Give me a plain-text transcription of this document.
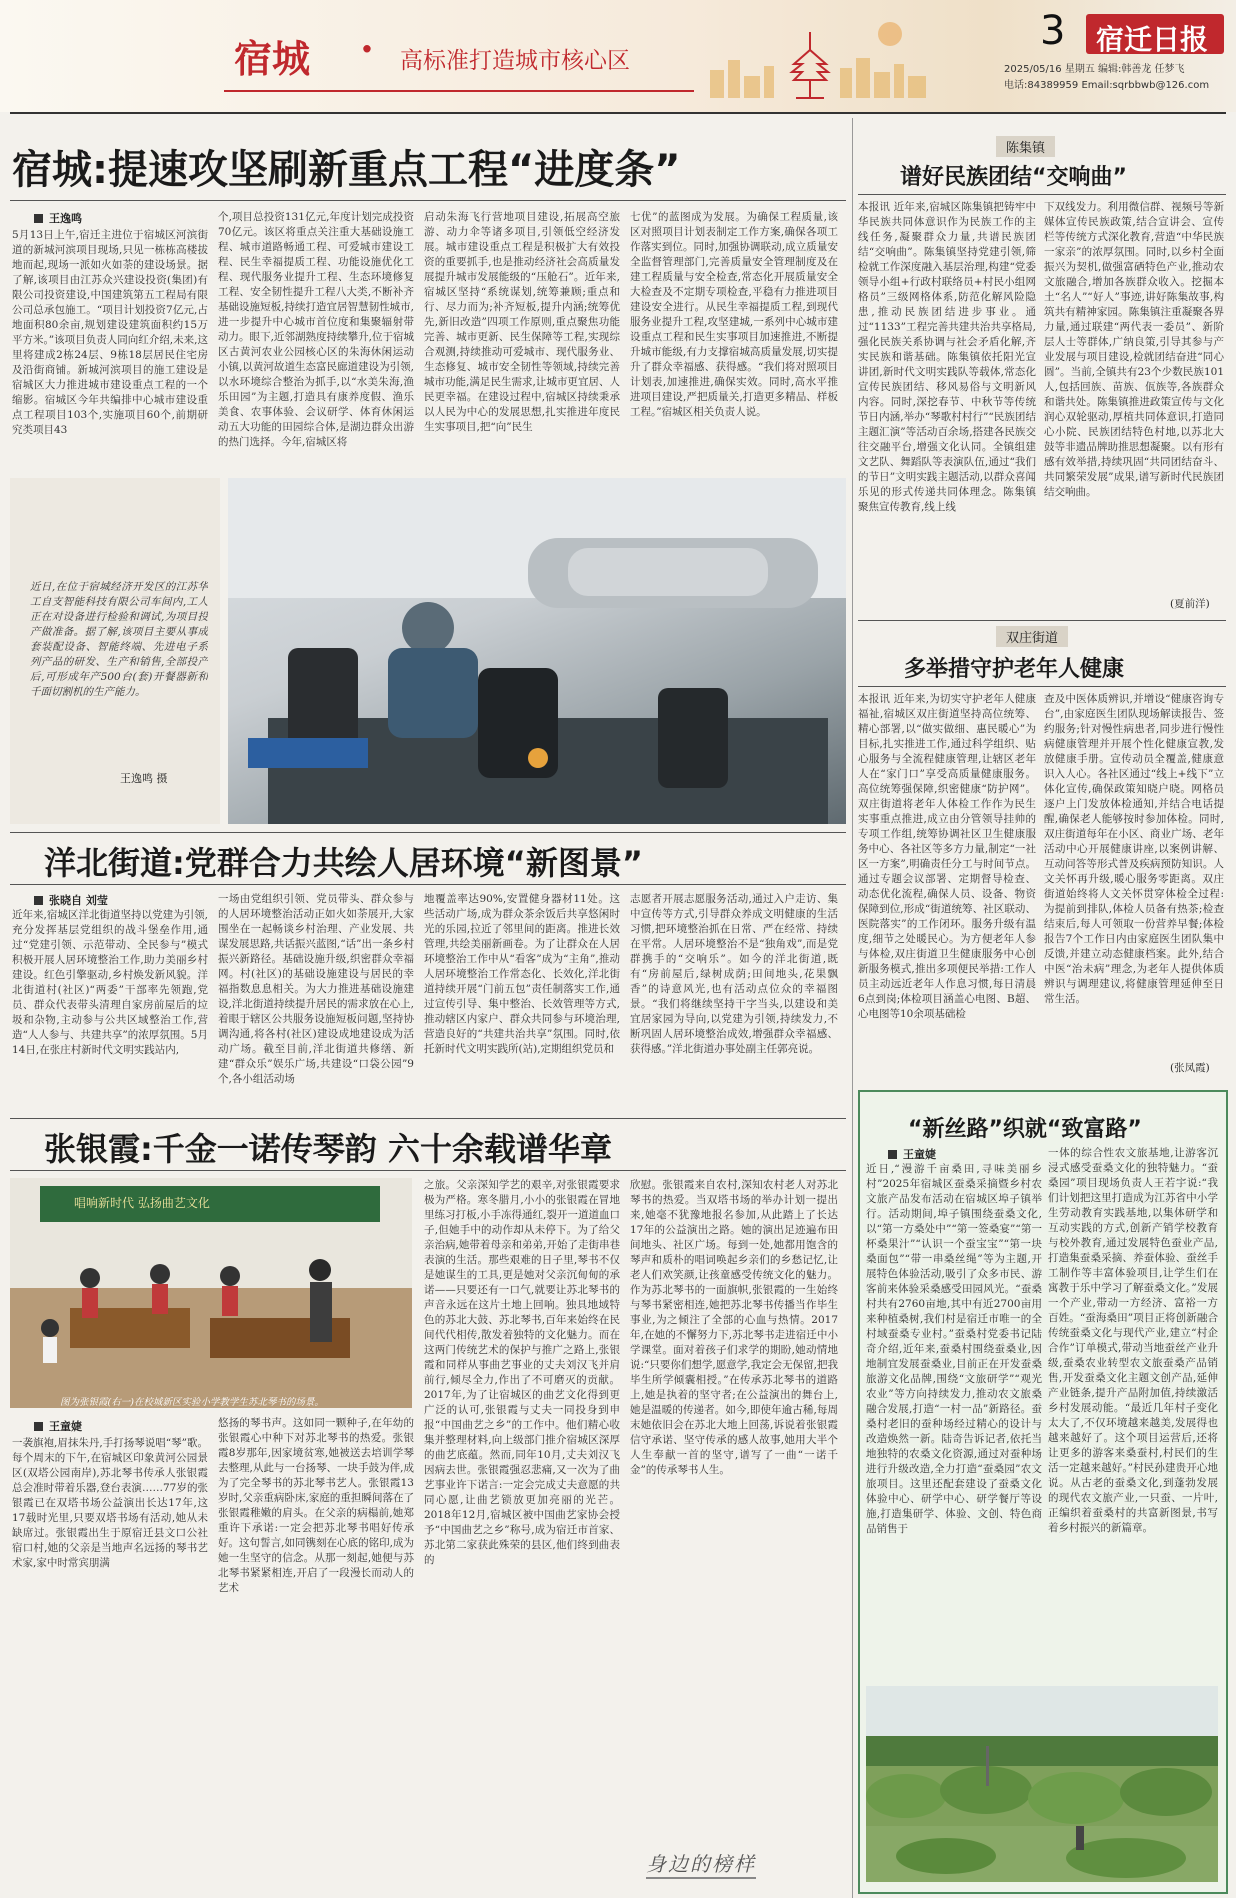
宿城 · 高标准打造城市核心区
3 宿迁日报
2025/05/16 星期五 编辑:韩善龙 任梦飞
电话:84389959 Email:sqrbbwb@126.com
宿城:提速攻坚刷新重点工程“进度条”
王逸鸣
5月13日上午,宿迁主进位于宿城区河滨街道的新城河滨项目现场,只见一栋栋高楼拔地而起,现场一派如火如荼的建设场景。据了解,该项目由江苏众兴建设投资(集团)有限公司投资建设,中国建筑第五工程局有限公司总承包施工。“项目计划投资7亿元,占地面积80余亩,规划建设建筑面积约15万平方米。”该项目负责人同向红介绍,未来,这里将建成2栋24层、9栋18层居民住宅房及沿街商铺。新城河滨项目的施工建设是宿城区大力推进城市建设重点工程的一个缩影。宿城区今年共编排中心城市建设重点工程项目103个,实施项目60个,前期研究类项目43
个,项目总投资131亿元,年度计划完成投资70亿元。该区将重点关注重大基础设施工程、城市道路畅通工程、可爱城市建设工程、民生幸福提质工程、功能设施优化工程、现代服务业提升工程、生态环境修复工程、安全韧性提升工程八大类,不断补齐基础设施短板,持续打造宜居智慧韧性城市,进一步提升中心城市首位度和集聚辐射带动力。眼下,近邻湖熟度持续攀升,位于宿城区古黄河农业公园核心区的朱海休闲运动小镇,以黄河故道生态富民廊道建设为引领,以水环境综合整治为抓手,以“水美朱海,渔乐田园”为主题,打造具有康养度假、渔乐美食、农事体验、会议研学、体育休闲运动五大功能的田园综合体,是湖边群众出游的热门选择。今年,宿城区将
启动朱海飞行营地项目建设,拓展高空旅游、动力伞等诸多项目,引领低空经济发展。城市建设重点工程是积极扩大有效投资的重要抓手,也是推动经济社会高质量发展提升城市发展能级的“压舱石”。近年来,宿城区坚持“系统谋划,统筹兼顾;重点和行、尽力而为;补齐短板,提升内涵;统筹优先,新旧改造”四项工作原则,重点聚焦功能完善、城市更新、民生保障等工程,实现综合观测,持续推动可爱城市、现代服务业、生态修复、城市安全韧性等领域,持续完善城市功能,满足民生需求,让城市更宜居、人民更幸福。在建设过程中,宿城区持续秉承以人民为中心的发展思想,扎实推进年度民生实事项目,把“向”民生
七优”的蓝图成为发展。为确保工程质量,该区对照项目计划表制定工作方案,确保各项工作落实到位。同时,加强协调联动,成立质量安全监督管理部门,完善质量安全管理制度及在建工程质量与安全检查,常态化开展质量安全大检查及不定期专项检查,平稳有力推进项目建设安全进行。从民生幸福提质工程,到现代服务业提升工程,攻坚建城,一系列中心城市建设重点工程和民生实事项目加速推进,不断提升城市能级,有力支撑宿城高质量发展,切实提升了群众幸福感、获得感。“我们将对照项目计划表,加速推进,确保实效。同时,高水平推进项目建设,严把质量关,打造更多精品、样板工程。”宿城区相关负责人说。
近日,在位于宿城经济开发区的江苏华工自支智能科技有限公司车间内,工人正在对设备进行检验和调试,为项目投产做准备。据了解,该项目主要从事成套装配设备、智能终端、先进电子系列产品的研发、生产和销售,全部投产后,可形成年产500台(套)开餐器新和千面切割机的生产能力。
王逸鸣 摄
陈集镇
谱好民族团结“交响曲”
本报讯 近年来,宿城区陈集镇把铸牢中华民族共同体意识作为民族工作的主线任务,凝聚群众力量,共谱民族团结“交响曲”。陈集镇坚持党建引领,筛检就工作深度融入基层治理,构建“党委领导小组+行政村联络员+村民小组网格员”三级网格体系,防范化解风险隐患,推动民族团结进步事业。通过“1133”工程完善共建共治共享格局,强化民族关系协调与社会矛盾化解,齐实民族和谐基础。陈集镇依托阳光宣讲团,新时代文明实践队等载体,常态化宣传民族团结、移风易俗与文明新风内容。同时,深挖春节、中秋节等传统节日内涵,举办“琴歌村村行”“民族团结主题汇演”等活动百余场,搭建各民族交往交融平台,增强文化认同。全镇组建文艺队、舞蹈队等表演队伍,通过“我们的节日”文明实践主题活动,以群众喜闻乐见的形式传递共同体理念。陈集镇聚焦宣传教育,线上线
下双线发力。利用微信群、视频号等新媒体宣传民族政策,结合宣讲会、宣传栏等传统方式深化教育,营造“中华民族一家亲”的浓厚氛围。同时,以乡村全面振兴为契机,做强富硒特色产业,推动农文旅融合,增加各族群众收入。挖掘本土“名人”“好人”事迹,讲好陈集故事,构筑共有精神家园。陈集镇注重凝聚各界力量,通过联建“两代表一委员”、新阶层人士等群体,广纳良策,引导其参与产业发展与项目建设,检就团结奋进“同心圆”。当前,全镇共有23个少数民族101人,包括回族、苗族、佤族等,各族群众和谐共处。陈集镇推进政策宣传与文化润心双轮驱动,厚植共同体意识,打造同心小院、民族团结特色村地,以苏北大鼓等非遗品牌助推思想凝聚。以有形有感有效举措,持续巩固“共同团结奋斗、共同繁荣发展”成果,谱写新时代民族团结交响曲。
(夏前洋)
双庄街道
多举措守护老年人健康
本报讯 近年来,为切实守护老年人健康福祉,宿城区双庄街道坚持高位统筹、精心部署,以“做实做细、惠民暖心”为目标,扎实推进工作,通过科学组织、贴心服务与全流程健康管理,让辖区老年人在“家门口”享受高质量健康服务。高位统筹强保障,织密健康“防护网”。双庄街道将老年人体检工作作为民生实事重点推进,成立由分管领导挂帅的专项工作组,统筹协调社区卫生健康服务中心、各社区等多方力量,制定“一社区一方案”,明确责任分工与时间节点。通过专题会议部署、定期督导检查、动态优化流程,确保人员、设备、物资保障到位,形成“街道统筹、社区联动、医院落实”的工作闭环。服务升级有温度,细节之处暖民心。为方便老年人参与体检,双庄街道卫生健康服务中心创新服务模式,推出多项便民举措:工作人员主动远近老年人作息习惯,每日清晨6点到岗;体检项目涵盖心电图、B超、心电图等10余项基础检
查及中医体质辨识,并增设“健康咨询专台”,由家庭医生团队现场解读报告、签约服务;针对慢性病患者,同步进行慢性病健康管理并开展个性化健康宣教,发放健康手册。宣传动员全覆盖,健康意识入人心。各社区通过“线上+线下”立体化宣传,确保政策知晓户晓。网格员逐户上门发放体检通知,并结合电话提醒,确保老人能够按时参加体检。同时,双庄街道每年在小区、商业广场、老年活动中心开展健康讲座,以案例讲解、互动问答等形式普及疾病预防知识。人文关怀再升级,暖心服务零距离。双庄街道始终将人文关怀贯穿体检全过程:为提前到排队,体检人员备有热茶;检查结束后,每人可领取一份营养早餐;体检报告7个工作日内由家庭医生团队集中反馈,并建立动态健康档案。此外,结合中医“治未病”理念,为老年人提供体质辨识与调理建议,将健康管理延伸至日常生活。
(张凤霞)
洋北街道:党群合力共绘人居环境“新图景”
张晓自 刘莹
近年来,宿城区洋北街道坚持以党建为引领,充分发挥基层党组织的战斗堡垒作用,通过“党建引领、示范带动、全民参与”模式积极开展人居环境整治工作,助力美丽乡村建设。红色引擎驱动,乡村焕发新风貌。洋北街道村(社区)“两委”干部率先领跑,党员、群众代表带头清理自家房前屋后的垃圾和杂物,主动参与公共区域整治工作,营造“人人参与、共建共享”的浓厚氛围。5月14日,在张庄村新时代文明实践站内,
一场由党组织引领、党员带头、群众参与的人居环境整治活动正如火如荼展开,大家围坐在一起畅谈乡村治理、产业发展、共谋发展思路,共话振兴蓝图,“话”出一条乡村振兴新路径。基础设施升级,织密群众幸福网。村(社区)的基础设施建设与居民的幸福指数息息相关。为大力推进基础设施建设,洋北街道持续提升居民的需求放在心上,着眼于辖区公共服务设施短板问题,坚持协调沟通,将各村(社区)建设成地建设成为活动广场。截至目前,洋北街道共修缮、新建“群众乐”娱乐广场,共建设“口袋公园”9个,各小组活动场
地覆盖率达90%,安置健身器材11处。这些活动广场,成为群众茶余饭后共享悠闲时光的乐园,拉近了邻里间的距离。推进长效管理,共绘美丽新画卷。为了让群众在人居环境整治工作中从“看客”成为“主角”,推动人居环境整治工作常态化、长效化,洋北街道持续开展“门前五包”责任制落实工作,通过宣传引导、集中整治、长效管理等方式,推动辖区内家户、群众共同参与环境治理,营造良好的“共建共治共享”氛围。同时,依托新时代文明实践所(站),定期组织党员和
志愿者开展志愿服务活动,通过入户走访、集中宣传等方式,引导群众养成文明健康的生活习惯,把环境整治抓在日常、严在经常、持续在平常。人居环境整治不是“独角戏”,而是党群携手的“交响乐”。如今的洋北街道,既有“房前屋后,绿树成荫;田间地头,花果飘香”的诗意风光,也有活动点位众的幸福图景。“我们将继续坚持干字当头,以建设和美宜居家园为导向,以党建为引领,持续发力,不断巩固人居环境整治成效,增强群众幸福感、获得感。”洋北街道办事处副主任郭亮说。
张银霞:千金一诺传琴韵 六十余载谱华章
唱响新时代 弘扬曲艺文化
图为张银霞(右一)在校城新区实验小学教学生苏北琴书的场景。
王童婕
一袭旗袍,眉抹朱丹,手打扬琴说唱“琴”歌。每个周末的下午,在宿城区印象黄河公园景区(双塔公园南岸),苏北琴书传承人张银霞总会准时带着乐器,登台表演……77岁的张银霞已在双塔书场公益演出长达17年,这17载时光里,只要双塔书场有活动,她从未缺席过。张银霞出生于原宿迁县文口公社宿口村,她的父亲是当地声名远扬的琴书艺术家,家中时常宾朋满
悠扬的琴书声。这如同一颗种子,在年幼的张银霞心中种下对苏北琴书的热爱。张银霞8岁那年,因家境贫寒,她被送去培训学琴去整理,从此与一台扬琴、一块手鼓为伴,成为了完全琴书的苏北琴书艺人。张银霞13岁时,父亲重病卧床,家庭的重担瞬间落在了张银霞稚嫩的肩头。在父亲的病榻前,她郑重许下承诺:一定会把苏北琴书唱好传承好。这句誓言,如同镌刻在心底的铭印,成为她一生坚守的信念。从那一刻起,她便与苏北琴书紧紧相连,开启了一段漫长而动人的艺术
之旅。父亲深知学艺的艰辛,对张银霞要求极为严格。寒冬腊月,小小的张银霞在冒地里练习打板,小手冻得通红,裂开一道道血口子,但她手中的动作却从未停下。为了给父亲治病,她带着母亲和弟弟,开始了走街串巷表演的生活。那些艰难的日子里,琴书不仅是她谋生的工具,更是她对父亲沉甸甸的承诺——只要还有一口气,就要让苏北琴书的声音永远在这片土地上回响。独具地域特色的苏北大鼓、苏北琴书,百年来始终在民间代代相传,散发着独特的文化魅力。而在这两门传统艺术的保护与推广之路上,张银霞和同样从事曲艺事业的丈夫刘汉飞并肩前行,倾尽全力,作出了不可磨灭的贡献。2017年,为了让宿城区的曲艺文化得到更广泛的认可,张银霞与丈夫一同投身到申报“中国曲艺之乡”的工作中。他们精心收集并整理材料,向上级部门推介宿城区深厚的曲艺底蕴。然而,同年10月,丈夫刘汉飞因病去世。张银霞强忍悲痛,又一次为了曲艺事业许下诺言:一定会完成丈夫意愿的共同心愿,让曲艺锁放更加亮丽的光芒。2018年12月,宿城区被中国曲艺家协会授予“中国曲艺之乡”称号,成为宿迁市首家、苏北第二家获此殊荣的县区,他们终到曲表的
欣慰。张银霞来自农村,深知农村老人对苏北琴书的热爱。当双塔书场的举办计划一提出来,她毫不犹豫地报名参加,从此踏上了长达17年的公益演出之路。她的演出足迹遍布田间地头、社区广场。每到一处,她都用饱含的琴声和质朴的唱词唤起乡亲们的乡愁记忆,让老人们欢笑颜,让孩童感受传统文化的魅力。作为苏北琴书的一面旗帜,张银霞的一生始终与琴书紧密相连,她把苏北琴书传播当作毕生事业,为之倾注了全部的心血与热情。2017年,在她的不懈努力下,苏北琴书走进宿迁中小学课堂。面对着孩子们求学的期盼,她动情地说:“只要你们想学,愿意学,我定会无保留,把我毕生所学倾囊相授。”在传承苏北琴书的道路上,她是执着的坚守者;在公益演出的舞台上,她是温暖的传递者。如今,即使年逾古稀,每周末她依旧会在苏北大地上回荡,诉说着张银霞信守承诺、坚守传承的感人故事,她用大半个人生奉献一首的坚守,谱写了一曲“一诺千金”的传承琴书人生。
身边的榜样
“新丝路”织就“致富路”
王童婕
近日,“漫游千亩桑田,寻味美丽乡村”2025年宿城区蚕桑采摘暨乡村农文旅产品发布活动在宿城区埠子镇举行。活动期间,埠子镇围绕蚕桑文化,以“第一方桑处中”“第一签桑宴”“第一杯桑果汁”“认识一个蚕宝宝”“第一块桑面包”“带一串桑丝绳”等为主题,开展特色体验活动,吸引了众多市民、游客前来体验采桑感受田园风光。“蚕桑村共有2760亩地,其中有近2700亩用来种植桑树,我们村是宿迁市唯一的全村域蚕桑专业村。”蚕桑村党委书记陆奇介绍,近年来,蚕桑村围绕蚕桑业,因地制宜发展蚕桑业,目前正在开发蚕桑旅游文化品牌,围绕“文旅研学”“观光农业”等方向持续发力,推动农文旅桑融合发展,打造“一村一品”新路径。蚕桑村老旧的蚕种场经过精心的设计与改造焕然一新。陆奇告诉记者,依托当地独特的农桑文化资源,通过对蚕种场进行升级改造,全力打造“蚕桑园”农文旅项目。这里还配套建设了蚕桑文化体验中心、研学中心、研学餐厅等设施,打造集研学、体验、文创、特色商品销售于
一体的综合性农文旅基地,让游客沉浸式感受蚕桑文化的独特魅力。“蚕桑园”项目现场负责人王若宇说:“我们计划把这里打造成为江苏省中小学生劳动教育实践基地,以集体研学和互动实践的方式,创新产销学校教育与校外教育,通过发展特色蚕业产品,打造集蚕桑采摘、养蚕体验、蚕丝手工制作等丰富体验项目,让学生们在寓教于乐中学习了解蚕桑文化。”发展一个产业,带动一方经济、富裕一方百姓。“蚕海桑田”项目正将创新融合传统蚕桑文化与现代产业,建立“村企合作”订单模式,带动当地蚕丝产业升级,蚕桑农业转型农文旅蚕桑产品销售,开发蚕桑文化主题文创产品,延伸产业链条,提升产品附加值,持续激活乡村发展动能。“最近几年村子变化太大了,不仅环境越来越美,发展得也越来越好了。这个项目运营后,还将让更多的游客来桑蚕村,村民们的生活一定越来越好。”村民孙建贵开心地说。从古老的蚕桑文化,到蓬勃发展的现代农文旅产业,一只蚕、一片叶,正编织着蚕桑村的共富新图景,书写着乡村振兴的新篇章。
